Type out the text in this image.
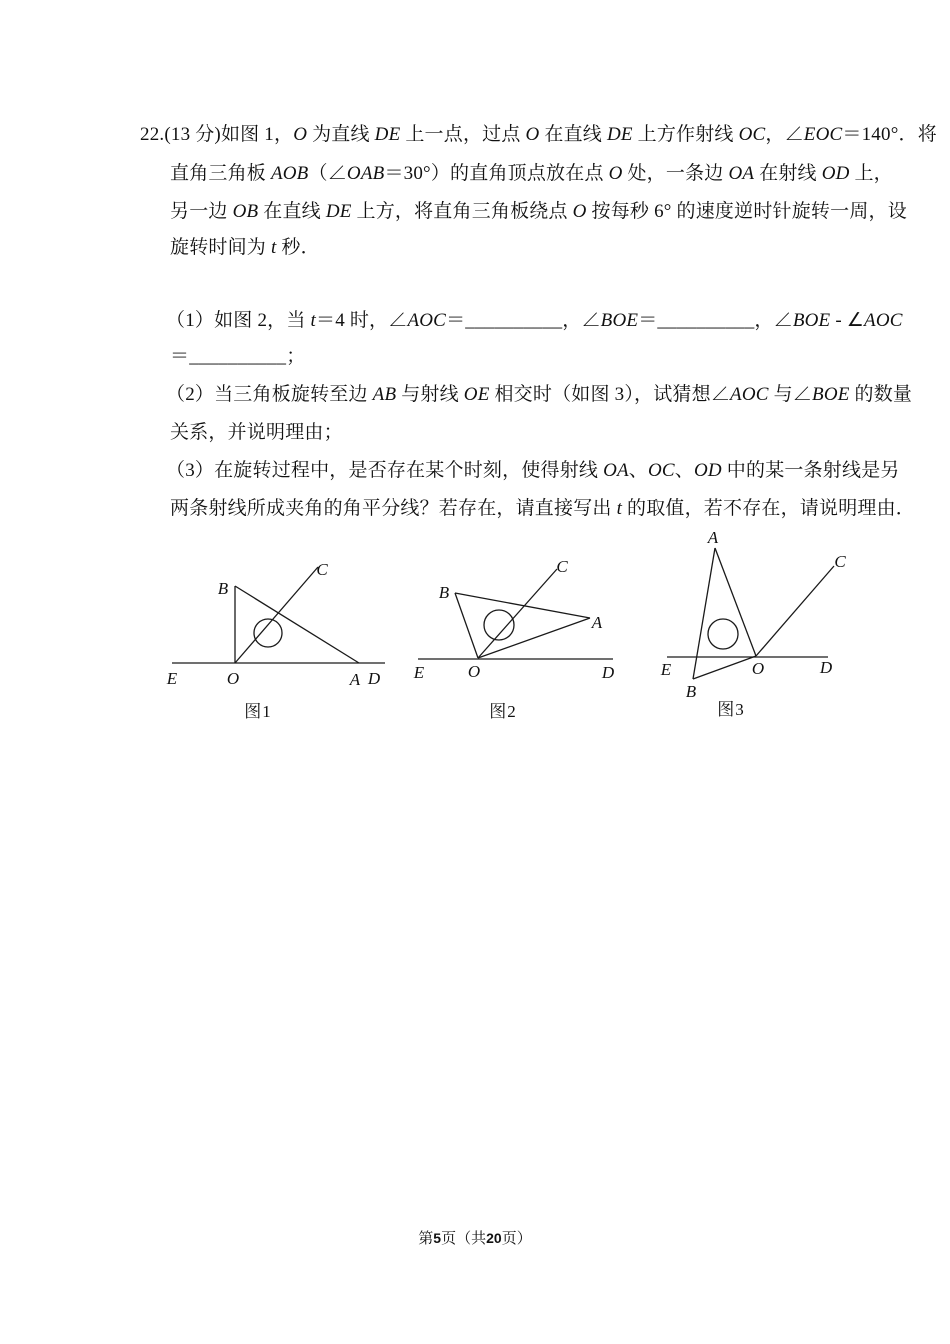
22.(13 分)如图 1，O 为直线 DE 上一点，过点 O 在直线 DE 上方作射线 OC，∠EOC＝140°．将
直角三角板 AOB（∠OAB＝30°）的直角顶点放在点 O 处，一条边 OA 在射线 OD 上，
另一边 OB 在直线 DE 上方，将直角三角板绕点 O 按每秒 6° 的速度逆时针旋转一周，设
旋转时间为 t 秒．
（1）如图 2，当 t＝4 时，∠AOC＝__________，∠BOE＝__________，∠BOE - ∠AOC
＝__________；
（2）当三角板旋转至边 AB 与射线 OE 相交时（如图 3），试猜想∠AOC 与∠BOE 的数量
关系，并说明理由；
（3）在旋转过程中，是否存在某个时刻，使得射线 OA、OC、OD 中的某一条射线是另
两条射线所成夹角的角平分线？若存在，请直接写出 t 的取值，若不存在，请说明理由．
B
C
E	O	A D
图1
B
C
A
E	O	D
图2
A
C
B
E	O	D
图3
第5页（共20页）
